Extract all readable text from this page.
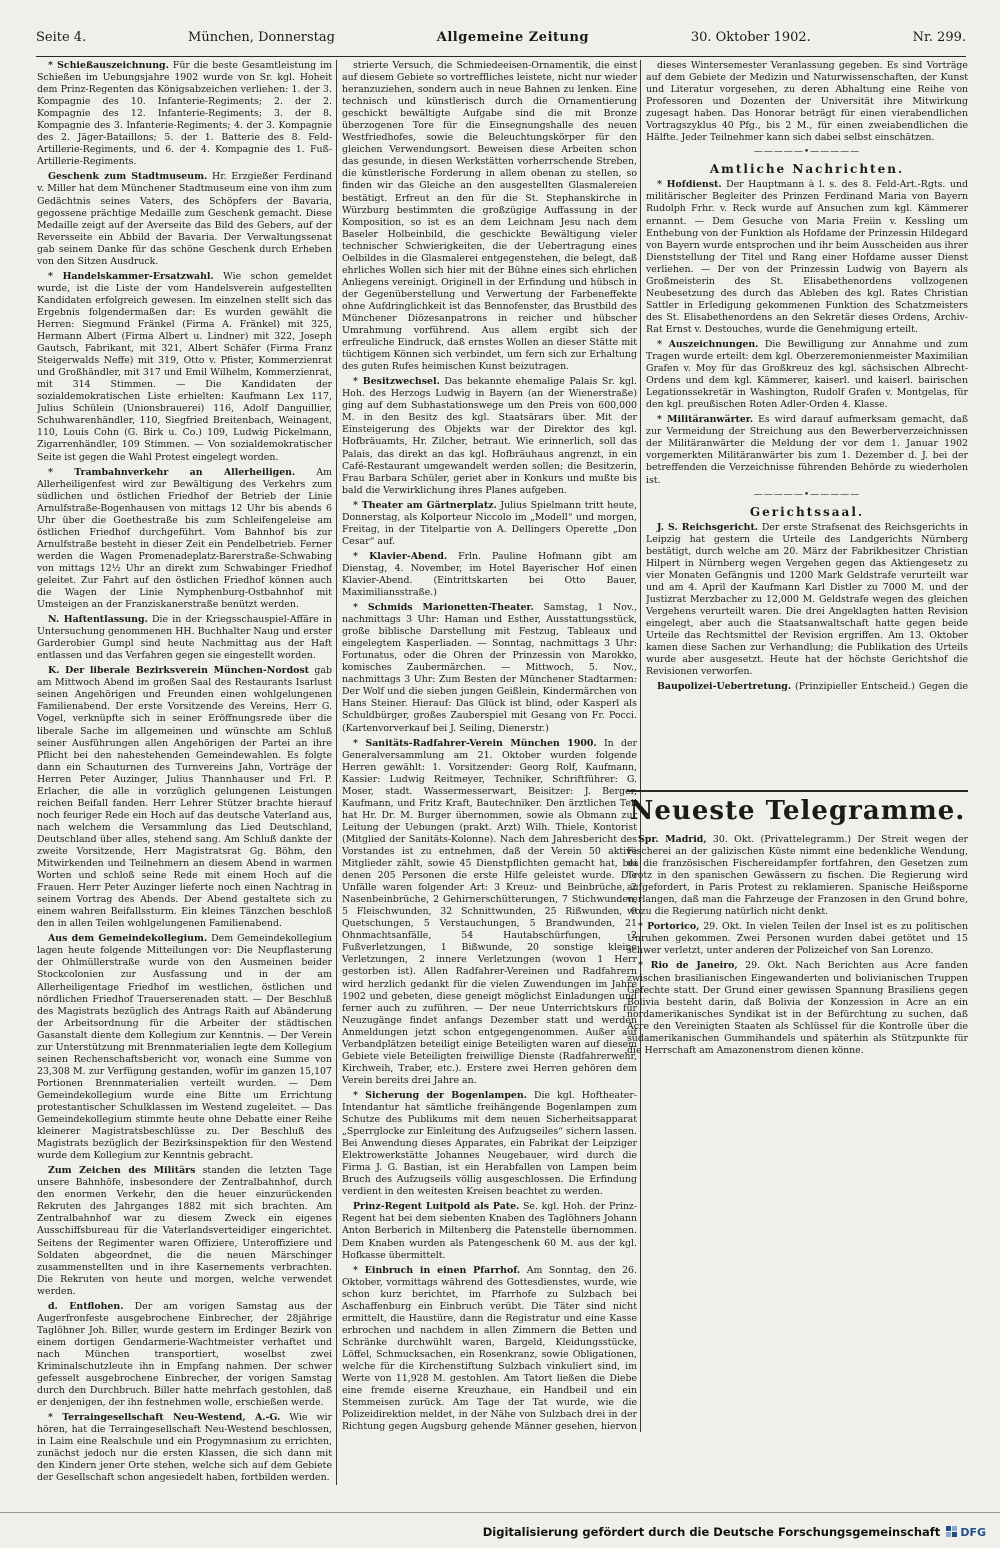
Seite 4.	München, Donnerstag	Allgemeine Zeitung	30. Oktober 1902.	Nr. 299.
* Schießauszeichnung. Für die beste Gesamtleistung im Schießen im Uebungsjahre 1902 wurde von Sr. kgl. Hoheit dem Prinz-Regenten das Königsabzeichen verliehen: 1. der 3. Kompagnie des 10. Infanterie-Regiments; 2. der 2. Kompagnie des 12. Infanterie-Regiments; 3. der 8. Kompagnie des 3. Infanterie-Regiments; 4. der 3. Kompagnie des 2. Jäger-Bataillons; 5. der 1. Batterie des 8. Feld-Artillerie-Regiments, und 6. der 4. Kompagnie des 1. Fuß-Artillerie-Regiments.
Geschenk zum Stadtmuseum. Hr. Erzgießer Ferdinand v. Miller hat dem Münchener Stadtmuseum eine von ihm zum Gedächtnis seines Vaters, des Schöpfers der Bavaria, gegossene prächtige Medaille zum Geschenk gemacht. Diese Medaille zeigt auf der Averseite das Bild des Gebers, auf der Reversseite ein Abbild der Bavaria. Der Verwaltungssenat gab seinem Danke für das schöne Geschenk durch Erheben von den Sitzen Ausdruck.
* Handelskammer-Ersatzwahl. Wie schon gemeldet wurde, ist die Liste der vom Handelsverein aufgestellten Kandidaten erfolgreich gewesen. Im einzelnen stellt sich das Ergebnis folgendermaßen dar: Es wurden gewählt die Herren: Siegmund Fränkel (Firma A. Fränkel) mit 325, Hermann Albert (Firma Albert u. Lindner) mit 322, Joseph Gautsch, Fabrikant, mit 321, Albert Schäfer (Firma Franz Steigerwalds Neffe) mit 319, Otto v. Pfister, Kommerzienrat und Großhändler, mit 317 und Emil Wilhelm, Kommerzienrat, mit 314 Stimmen. — Die Kandidaten der sozialdemokratischen Liste erhielten: Kaufmann Lex 117, Julius Schülein (Unionsbrauerei) 116, Adolf Danguillier, Schuhwarenhändler, 110, Siegfried Breitenbach, Weinagent, 110, Louis Cohn (G. Birk u. Co.) 109, Ludwig Pickelmann, Zigarrenhändler, 109 Stimmen. — Von sozialdemokratischer Seite ist gegen die Wahl Protest eingelegt worden.
* Trambahnverkehr an Allerheiligen. Am Allerheiligenfest wird zur Bewältigung des Verkehrs zum südlichen und östlichen Friedhof der Betrieb der Linie Arnulfstraße-Bogenhausen von mittags 12 Uhr bis abends 6 Uhr über die Goethestraße bis zum Schleifengeleise am östlichen Friedhof durchgeführt. Vom Bahnhof bis zur Arnulfstraße besteht in dieser Zeit ein Pendelbetrieb. Ferner werden die Wagen Promenadeplatz-Barerstraße-Schwabing von mittags 12½ Uhr an direkt zum Schwabinger Friedhof geleitet. Zur Fahrt auf den östlichen Friedhof können auch die Wagen der Linie Nymphenburg-Ostbahnhof mit Umsteigen an der Franziskanerstraße benützt werden.
N. Haftentlassung. Die in der Kriegsschauspiel-Affäre in Untersuchung genommenen HH. Buchhalter Naug und erster Garderobier Gumpl sind heute Nachmittag aus der Haft entlassen und das Verfahren gegen sie eingestellt worden.
K. Der liberale Bezirksverein München-Nordost gab am Mittwoch Abend im großen Saal des Restaurants Isarlust seinen Angehörigen und Freunden einen wohlgelungenen Familienabend. Der erste Vorsitzende des Vereins, Herr G. Vogel, verknüpfte sich in seiner Eröffnungsrede über die liberale Sache im allgemeinen und wünschte am Schluß seiner Ausführungen allen Angehörigen der Partei an ihre Pflicht bei den nahestehenden Gemeindewahlen. Es folgte dann ein Schauturnen des Turnvereins Jahn, Vorträge der Herren Peter Auzinger, Julius Thannhauser und Frl. P. Erlacher, die alle in vorzüglich gelungenen Leistungen reichen Beifall fanden. Herr Lehrer Stützer brachte hierauf noch feuriger Rede ein Hoch auf das deutsche Vaterland aus, nach welchem die Versammlung das Lied Deutschland, Deutschland über alles, stehend sang. Am Schluß dankte der zweite Vorsitzende, Herr Magistratsrat Gg. Böhm, den Mitwirkenden und Teilnehmern an diesem Abend in warmen Worten und schloß seine Rede mit einem Hoch auf die Frauen. Herr Peter Auzinger lieferte noch einen Nachtrag in seinem Vortrag des Abends. Der Abend gestaltete sich zu einem wahren Beifallssturm. Ein kleines Tänzchen beschloß den in allen Teilen wohlgelungenen Familienabend.
Aus dem Gemeindekollegium. Dem Gemeindekollegium lagen heute folgende Mitteilungen vor: Die Neupflasterung der Ohlmüllerstraße wurde von den Ausmeinen beider Stockcolonien zur Ausfassung und in der am Allerheiligentage Friedhof im westlichen, östlichen und nördlichen Friedhof Trauerserenaden statt. — Der Beschluß des Magistrats bezüglich des Antrags Raith auf Abänderung der Arbeitsordnung für die Arbeiter der städtischen Gasanstalt diente dem Kollegium zur Kenntnis. — Der Verein zur Unterstützung mit Brennmaterialien legte dem Kollegium seinen Rechenschaftsbericht vor, wonach eine Summe von 23,308 M. zur Verfügung gestanden, wofür im ganzen 15,107 Portionen Brennmaterialien verteilt wurden. — Dem Gemeindekollegium wurde eine Bitte um Errichtung protestantischer Schulklassen im Westend zugeleitet. — Das Gemeindekollegium stimmte heute ohne Debatte einer Reihe kleinerer Magistratsbeschlüsse zu. Der Beschluß des Magistrats bezüglich der Bezirksinspektion für den Westend wurde dem Kollegium zur Kenntnis gebracht.
Zum Zeichen des Militärs standen die letzten Tage unsere Bahnhöfe, insbesondere der Zentralbahnhof, durch den enormen Verkehr, den die heuer einzurückenden Rekruten des Jahrganges 1882 mit sich brachten. Am Zentralbahnhof war zu diesem Zweck ein eigenes Ausschiffsbureau für die Vaterlandsverteidiger eingerichtet. Seitens der Regimenter waren Offiziere, Unteroffiziere und Soldaten abgeordnet, die die neuen Märschinger zusammenstellten und in ihre Kasernements verbrachten. Die Rekruten von heute und morgen, welche verwendet werden.
d. Entflohen. Der am vorigen Samstag aus der Augerfronfeste ausgebrochene Einbrecher, der 28jährige Taglöhner Joh. Biller, wurde gestern im Erdinger Bezirk von einem dortigen Gendarmerie-Wachtmeister verhaftet und nach München transportiert, woselbst zwei Kriminalschutzleute ihn in Empfang nahmen. Der schwer gefesselt ausgebrochene Einbrecher, der vorigen Samstag durch den Durchbruch. Biller hatte mehrfach gestohlen, daß er denjenigen, der ihn festnehmen wolle, erschießen werde.
* Terraingesellschaft Neu-Westend, A.-G. Wie wir hören, hat die Terraingesellschaft Neu-Westend beschlossen, in Laim eine Realschule und ein Progymnasium zu errichten, zunächst jedoch nur die ersten Klassen, die sich dann mit den Kindern jener Orte stehen, welche sich auf dem Gebiete der Gesellschaft schon angesiedelt haben, fortbilden werden.
strierte Versuch, die Schmiedeeisen-Ornamentik, die einst auf diesem Gebiete so vortreffliches leistete, nicht nur wieder heranzuziehen, sondern auch in neue Bahnen zu lenken. Eine technisch und künstlerisch durch die Ornamentierung geschickt bewältigte Aufgabe sind die mit Bronze überzogenen Tore für die Einsegnungshalle des neuen Westfriedhofes, sowie die Beleuchtungskörper für den gleichen Verwendungsort. Beweisen diese Arbeiten schon das gesunde, in diesen Werkstätten vorherrschende Streben, die künstlerische Forderung in allem obenan zu stellen, so finden wir das Gleiche an den ausgestellten Glasmalereien bestätigt. Erfreut an den für die St. Stephanskirche in Würzburg bestimmten die großzügige Auffassung in der Komposition, so ist es an dem Leichnam Jesu nach dem Baseler Holbeinbild, die geschickte Bewältigung vieler technischer Schwierigkeiten, die der Uebertragung eines Oelbildes in die Glasmalerei entgegenstehen, die belegt, daß ehrliches Wollen sich hier mit der Bühne eines sich ehrlichen Anliegens vereinigt. Originell in der Erfindung und hübsch in der Gegenüberstellung und Verwertung der Farbeneffekte ohne Aufdringlichkeit ist das Bennofenster, das Brustbild des Münchener Diözesanpatrons in reicher und hübscher Umrahmung vorführend. Aus allem ergibt sich der erfreuliche Eindruck, daß ernstes Wollen an dieser Stätte mit tüchtigem Können sich verbindet, um fern sich zur Erhaltung des guten Rufes heimischen Kunst beizutragen.
* Besitzwechsel. Das bekannte ehemalige Palais Sr. kgl. Hoh. des Herzogs Ludwig in Bayern (an der Wienerstraße) ging auf dem Subhastationswege um den Preis von 600,000 M. in den Besitz des kgl. Staatsärars über. Mit der Einsteigerung des Objekts war der Direktor des kgl. Hofbräuamts, Hr. Zilcher, betraut. Wie erinnerlich, soll das Palais, das direkt an das kgl. Hofbräuhaus angrenzt, in ein Café-Restaurant umgewandelt werden sollen; die Besitzerin, Frau Barbara Schüler, geriet aber in Konkurs und mußte bis bald die Verwirklichung ihres Planes aufgeben.
* Theater am Gärtnerplatz. Julius Spielmann tritt heute, Donnerstag, als Kolporteur Niccolo im „Modell“ und morgen, Freitag, in der Titelpartie von A. Dellingers Operette „Don Cesar“ auf.
* Klavier-Abend. Frln. Pauline Hofmann gibt am Dienstag, 4. November, im Hotel Bayerischer Hof einen Klavier-Abend. (Eintrittskarten bei Otto Bauer, Maximiliansstraße.)
* Schmids Marionetten-Theater. Samstag, 1 Nov., nachmittags 3 Uhr: Haman und Esther, Ausstattungsstück, große biblische Darstellung mit Festzug, Tableaux und eingelegtem Kasperliaden. — Sonntag, nachmittags 3 Uhr: Fortunatus, oder die Ohren der Prinzessin von Marokko, komisches Zaubermärchen. — Mittwoch, 5. Nov., nachmittags 3 Uhr: Zum Besten der Münchener Stadtarmen: Der Wolf und die sieben jungen Geißlein, Kindermärchen von Hans Steiner. Hierauf: Das Glück ist blind, oder Kasperl als Schuldbürger, großes Zauberspiel mit Gesang von Fr. Pocci. (Kartenvorverkauf bei J. Seiling, Dienerstr.)
* Sanitäts-Radfahrer-Verein München 1900. In der Generalversammlung am 21. Oktober wurden folgende Herren gewählt: 1. Vorsitzender: Georg Rolf, Kaufmann, Kassier: Ludwig Reitmeyer, Techniker, Schriftführer: G. Moser, stadt. Wassermesserwart, Beisitzer: J. Berger, Kaufmann, und Fritz Kraft, Bautechniker. Den ärztlichen Teil hat Hr. Dr. M. Burger übernommen, sowie als Obmann zur Leitung der Uebungen (prakt. Arzt) Wilh. Thiele, Kontorist (Mitglied der Sanitäts-Kolonne). Nach dem Jahresbericht des Vorstandes ist zu entnehmen, daß der Verein 50 aktive Mitglieder zählt, sowie 45 Dienstpflichten gemacht hat, bei denen 205 Personen die erste Hilfe geleistet wurde. Die Unfälle waren folgender Art: 3 Kreuz- und Beinbrüche, 2 Nasenbeinbrüche, 2 Gehirnerschütterungen, 7 Stichwunden, 5 Fleischwunden, 32 Schnittwunden, 25 Rißwunden, 9 Quetschungen, 5 Verstauchungen, 5 Brandwunden, 21 Ohnmachtsanfälle, 54 Hautabschürfungen, 2 Fußverletzungen, 1 Bißwunde, 20 sonstige kleine Verletzungen, 2 innere Verletzungen (wovon 1 Herr gestorben ist). Allen Radfahrer-Vereinen und Radfahrern wird herzlich gedankt für die vielen Zuwendungen im Jahre 1902 und gebeten, diese geneigt möglichst Einladungen und ferner auch zu zuführen. — Der neue Unterrichtskurs für Neuzugänge findet anfangs Dezember statt und werden Anmeldungen jetzt schon entgegengenommen. Außer auf Verbandplätzen beteiligt einige Beteiligten waren auf diesem Gebiete viele Beteiligten freiwillige Dienste (Radfahrerwehr, Kirchweih, Traber, etc.). Erstere zwei Herren gehören dem Verein bereits drei Jahre an.
* Sicherung der Bogenlampen. Die kgl. Hoftheater-Intendantur hat sämtliche freihängende Bogenlampen zum Schutze des Publikums mit dem neuen Sicherheitsapparat „Sperrglocke zur Einleitung des Aufzugseiles“ sichern lassen. Bei Anwendung dieses Apparates, ein Fabrikat der Leipziger Elektrowerkstätte Johannes Neugebauer, wird durch die Firma J. G. Bastian, ist ein Herabfallen von Lampen beim Bruch des Aufzugseils völlig ausgeschlossen. Die Erfindung verdient in den weitesten Kreisen beachtet zu werden.
Prinz-Regent Luitpold als Pate. Se. kgl. Hoh. der Prinz-Regent hat bei dem siebenten Knaben des Taglöhners Johann Anton Berberich in Miltenberg die Patenstelle übernommen. Dem Knaben wurden als Patengeschenk 60 M. aus der kgl. Hofkasse übermittelt.
* Einbruch in einen Pfarrhof. Am Sonntag, den 26. Oktober, vormittags während des Gottesdienstes, wurde, wie schon kurz berichtet, im Pfarrhofe zu Sulzbach bei Aschaffenburg ein Einbruch verübt. Die Täter sind nicht ermittelt, die Haustüre, dann die Registratur und eine Kasse erbrochen und nachdem in allen Zimmern die Betten und Schränke durchwühlt waren, Bargeld, Kleidungsstücke, Löffel, Schmucksachen, ein Rosenkranz, sowie Obligationen, welche für die Kirchenstiftung Sulzbach vinkuliert sind, im Werte von 11,928 M. gestohlen. Am Tatort ließen die Diebe eine fremde eiserne Kreuzhaue, ein Handbeil und ein Stemmeisen zurück. Am Tage der Tat wurde, wie die Polizeidirektion meldet, in der Nähe von Sulzbach drei in der Richtung gegen Augsburg gehende Männer gesehen, hiervon
dieses Wintersemester Veranlassung gegeben. Es sind Vorträge auf dem Gebiete der Medizin und Naturwissenschaften, der Kunst und Literatur vorgesehen, zu deren Abhaltung eine Reihe von Professoren und Dozenten der Universität ihre Mitwirkung zugesagt haben. Das Honorar beträgt für einen vierabendlichen Vortragszyklus 40 Pfg., bis 2 M., für einen zweiabendlichen die Hälfte. Jeder Teilnehmer kann sich dabei selbst einschätzen.
—————•—————
Amtliche Nachrichten.
* Hofdienst. Der Hauptmann à l. s. des 8. Feld-Art.-Rgts. und militärischer Begleiter des Prinzen Ferdinand Maria von Bayern Rudolph Frhr. v. Reck wurde auf Ansuchen zum kgl. Kämmerer ernannt. — Dem Gesuche von Maria Freiin v. Kessling um Enthebung von der Funktion als Hofdame der Prinzessin Hildegard von Bayern wurde entsprochen und ihr beim Ausscheiden aus ihrer Dienststellung der Titel und Rang einer Hofdame ausser Dienst verliehen. — Der von der Prinzessin Ludwig von Bayern als Großmeisterin des St. Elisabethenordens vollzogenen Neubesetzung des durch das Ableben des kgl. Rates Christian Sattler in Erledigung gekommenen Funktion des Schatzmeisters des St. Elisabethenordens an den Sekretär dieses Ordens, Archiv-Rat Ernst v. Destouches, wurde die Genehmigung erteilt.
* Auszeichnungen. Die Bewilligung zur Annahme und zum Tragen wurde erteilt: dem kgl. Oberzeremonienmeister Maximilian Grafen v. Moy für das Großkreuz des kgl. sächsischen Albrecht-Ordens und dem kgl. Kämmerer, kaiserl. und kaiserl. bairischen Legationssekretär in Washington, Rudolf Grafen v. Montgelas, für den kgl. preußischen Roten Adler-Orden 4. Klasse.
* Militäranwärter. Es wird darauf aufmerksam gemacht, daß zur Vermeidung der Streichung aus den Bewerberverzeichnissen der Militäranwärter die Meldung der vor dem 1. Januar 1902 vorgemerkten Militäranwärter bis zum 1. Dezember d. J. bei der betreffenden die Verzeichnisse führenden Behörde zu wiederholen ist.
—————•—————
Gerichtssaal.
J. S. Reichsgericht. Der erste Strafsenat des Reichsgerichts in Leipzig hat gestern die Urteile des Landgerichts Nürnberg bestätigt, durch welche am 20. März der Fabrikbesitzer Christian Hilpert in Nürnberg wegen Vergehen gegen das Aktiengesetz zu vier Monaten Gefängnis und 1200 Mark Geldstrafe verurteilt war und am 4. April der Kaufmann Karl Distler zu 7000 M. und der Justizrat Merzbacher zu 12,000 M. Geldstrafe wegen des gleichen Vergehens verurteilt waren. Die drei Angeklagten hatten Revision eingelegt, aber auch die Staatsanwaltschaft hatte gegen beide Urteile das Rechtsmittel der Revision ergriffen. Am 13. Oktober kamen diese Sachen zur Verhandlung; die Publikation des Urteils wurde aber ausgesetzt. Heute hat der höchste Gerichtshof die Revisionen verworfen.
Baupolizei-Uebertretung. (Prinzipieller Entscheid.) Gegen die
Neueste Telegramme.
Spr. Madrid, 30. Okt. (Privattelegramm.) Der Streit wegen der Fischerei an der galizischen Küste nimmt eine bedenkliche Wendung, da die französischen Fischereidampfer fortfahren, den Gesetzen zum Trotz in den spanischen Gewässern zu fischen. Die Regierung wird aufgefordert, in Paris Protest zu reklamieren. Spanische Heißsporne verlangen, daß man die Fahrzeuge der Franzosen in den Grund bohre, wozu die Regierung natürlich nicht denkt.
* Portorico, 29. Okt. In vielen Teilen der Insel ist es zu politischen Unruhen gekommen. Zwei Personen wurden dabei getötet und 15 schwer verletzt, unter anderen der Polizeichef von San Lorenzo.
* Rio de Janeiro, 29. Okt. Nach Berichten aus Acre fanden zwischen brasilianischen Eingewanderten und bolivianischen Truppen Gefechte statt. Der Grund einer gewissen Spannung Brasiliens gegen Bolivia besteht darin, daß Bolivia der Konzession in Acre an ein nordamerikanisches Syndikat ist in der Befürchtung zu suchen, daß Acre den Vereinigten Staaten als Schlüssel für die Kontrolle über die südamerikanischen Gummihandels und späterhin als Stützpunkte für die Herrschaft am Amazonenstrom dienen könne.
Digitalisierung gefördert durch die Deutsche Forschungsgemeinschaft DFG
